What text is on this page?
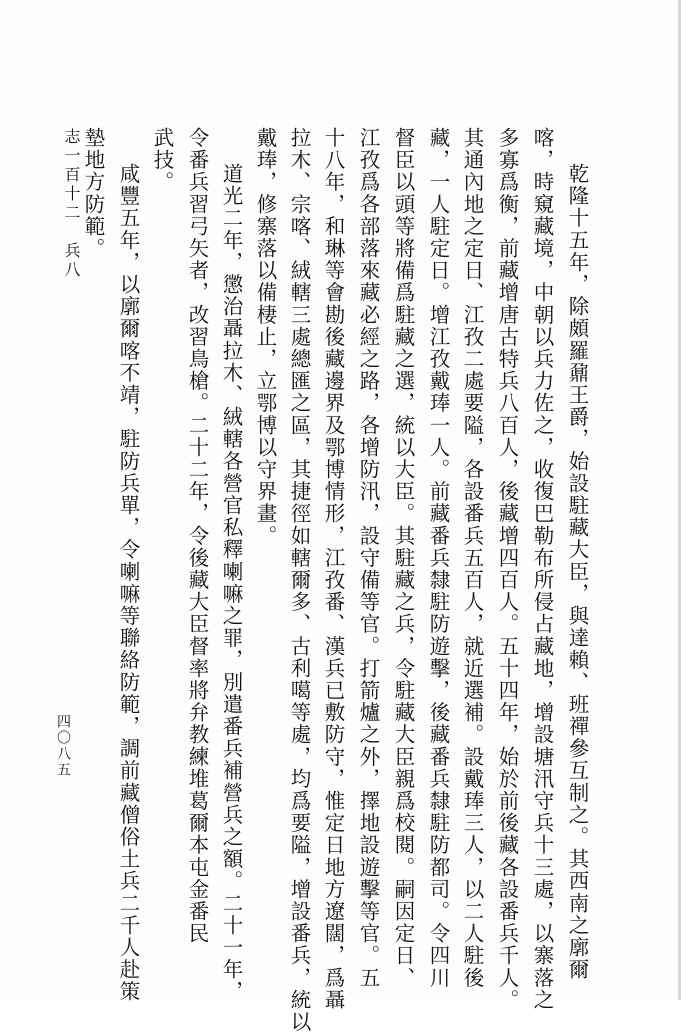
乾隆十五年，除頗羅鼐王爵，始設駐藏大臣，與達賴、班禪參互制之。其西南之廓爾
喀，時窺藏境，中朝以兵力佐之，收復巴勒布所侵占藏地，增設塘汛守兵十三處，以寨落之
多寡爲衡，前藏增唐古特兵八百人，後藏增四百人。五十四年，始於前後藏各設番兵千人。
其通內地之定日、江孜二處要隘，各設番兵五百人，就近選補。設戴琫三人，以二人駐後
藏，一人駐定日。增江孜戴琫一人。前藏番兵隸駐防遊擊，後藏番兵隸駐防都司。令四川
督臣以頭等將備爲駐藏之選，統以大臣。其駐藏之兵，令駐藏大臣親爲校閱。嗣因定日、
江孜爲各部落來藏必經之路，各增防汛，設守備等官。打箭爐之外，擇地設遊擊等官。五
十八年，和琳等會勘後藏邊界及鄂博情形，江孜番、漢兵已敷防守，惟定日地方遼闊，爲聶
拉木、宗喀、絨轄三處總匯之區，其捷徑如轄爾多、古利噶等處，均爲要隘，增設番兵，統以
戴琫，修寨落以備棲止，立鄂博以守界畫。
道光二年，懲治聶拉木、絨轄各營官私釋喇嘛之罪，別遣番兵補營兵之額。二十一年，
令番兵習弓矢者，改習鳥槍。二十二年，令後藏大臣督率將弁教練堆葛爾本屯金番民
武技。
咸豐五年，以廓爾喀不靖，駐防兵單，令喇嘛等聯絡防範，調前藏僧俗土兵二千人赴策
墊地方防範。
志一百十二　兵八
四〇八五
